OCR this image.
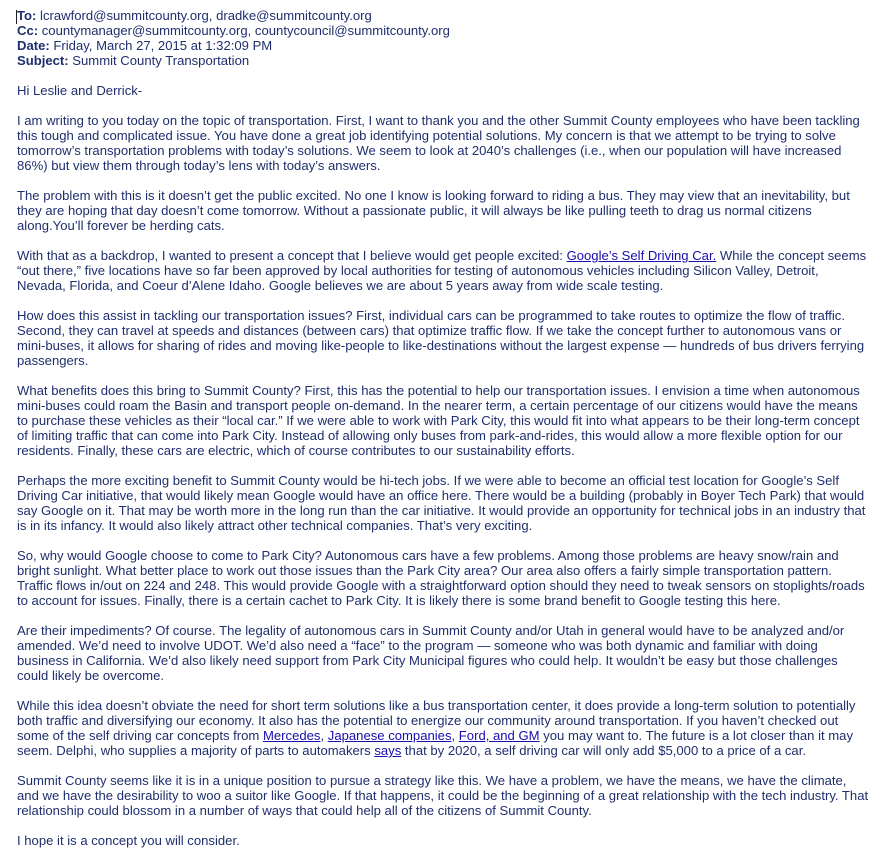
To: lcrawford@summitcounty.org, dradke@summitcounty.org
Cc: countymanager@summitcounty.org, countycouncil@summitcounty.org
Date: Friday, March 27, 2015 at 1:32:09 PM
Subject: Summit County Transportation

Hi Leslie and Derrick-

I am writing to you today on the topic of transportation. First, I want to thank you and the other Summit County employees who have been tackling this tough and complicated issue. You have done a great job identifying potential solutions. My concern is that we attempt to be trying to solve tomorrow’s transportation problems with today’s solutions. We seem to look at 2040’s challenges (i.e., when our population will have increased 86%) but view them through today’s lens with today’s answers.

The problem with this is it doesn’t get the public excited. No one I know is looking forward to riding a bus. They may view that an inevitability, but they are hoping that day doesn’t come tomorrow. Without a passionate public, it will always be like pulling teeth to drag us normal citizens along.You’ll forever be herding cats.

With that as a backdrop, I wanted to present a concept that I believe would get people excited: Google’s Self Driving Car. While the concept seems “out there,” five locations have so far been approved by local authorities for testing of autonomous vehicles including Silicon Valley, Detroit, Nevada, Florida, and Coeur d’Alene Idaho. Google believes we are about 5 years away from wide scale testing.

How does this assist in tackling our transportation issues? First, individual cars can be programmed to take routes to optimize the flow of traffic. Second, they can travel at speeds and distances (between cars) that optimize traffic flow. If we take the concept further to autonomous vans or mini-buses, it allows for sharing of rides and moving like-people to like-destinations without the largest expense — hundreds of bus drivers ferrying passengers.

What benefits does this bring to Summit County? First, this has the potential to help our transportation issues. I envision a time when autonomous mini-buses could roam the Basin and transport people on-demand. In the nearer term, a certain percentage of our citizens would have the means to purchase these vehicles as their “local car.” If we were able to work with Park City, this would fit into what appears to be their long-term concept of limiting traffic that can come into Park City. Instead of allowing only buses from park-and-rides, this would allow a more flexible option for our residents. Finally, these cars are electric, which of course contributes to our sustainability efforts.

Perhaps the more exciting benefit to Summit County would be hi-tech jobs. If we were able to become an official test location for Google’s Self Driving Car initiative, that would likely mean Google would have an office here. There would be a building (probably in Boyer Tech Park) that would say Google on it. That may be worth more in the long run than the car initiative. It would provide an opportunity for technical jobs in an industry that is in its infancy. It would also likely attract other technical companies. That’s very exciting.

So, why would Google choose to come to Park City? Autonomous cars have a few problems. Among those problems are heavy snow/rain and bright sunlight. What better place to work out those issues than the Park City area? Our area also offers a fairly simple transportation pattern. Traffic flows in/out on 224 and 248. This would provide Google with a straightforward option should they need to tweak sensors on stoplights/roads to account for issues. Finally, there is a certain cachet to Park City. It is likely there is some brand benefit to Google testing this here.

Are their impediments? Of course. The legality of autonomous cars in Summit County and/or Utah in general would have to be analyzed and/or amended. We’d need to involve UDOT. We’d also need a “face” to the program — someone who was both dynamic and familiar with doing business in California. We’d also likely need support from Park City Municipal figures who could help. It wouldn’t be easy but those challenges could likely be overcome.

While this idea doesn’t obviate the need for short term solutions like a bus transportation center, it does provide a long-term solution to potentially both traffic and diversifying our economy. It also has the potential to energize our community around transportation. If you haven’t checked out some of the self driving car concepts from Mercedes, Japanese companies, Ford, and GM you may want to. The future is a lot closer than it may seem. Delphi, who supplies a majority of parts to automakers says that by 2020, a self driving car will only add $5,000 to a price of a car.

Summit County seems like it is in a unique position to pursue a strategy like this. We have a problem, we have the means, we have the climate, and we have the desirability to woo a suitor like Google. If that happens, it could be the beginning of a great relationship with the tech industry. That relationship could blossom in a number of ways that could help all of the citizens of Summit County.

I hope it is a concept you will consider.
